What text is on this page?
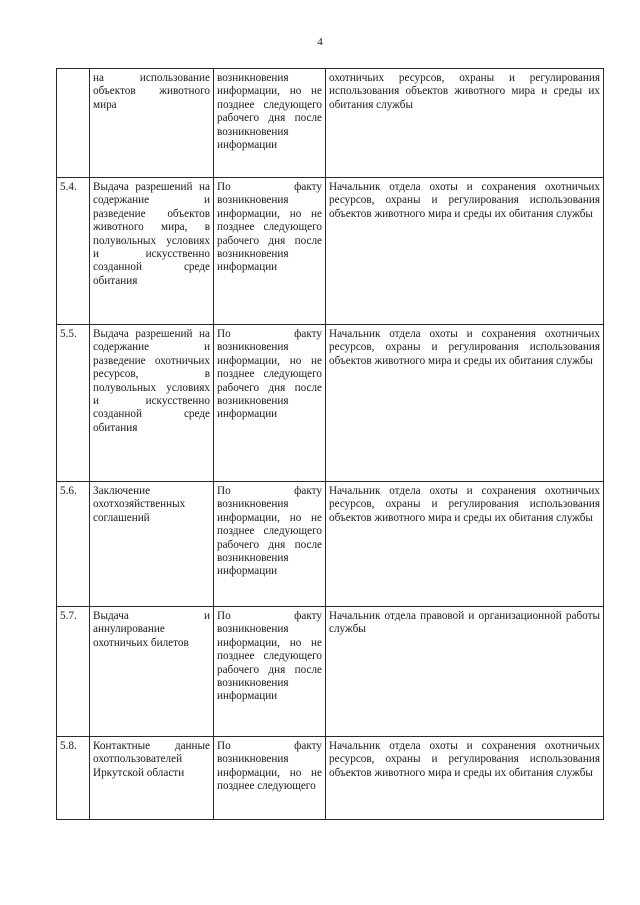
4

	на использование объектов животного мира	возникновения информации, но не позднее следующего рабочего дня после возникновения информации	охотничьих ресурсов, охраны и регулирования использования объектов животного мира и среды их обитания службы

5.4.	Выдача разрешений на содержание и разведение объектов животного мира, в полувольных условиях и искусственно созданной среде обитания	По факту возникновения информации, но не позднее следующего рабочего дня после возникновения информации	Начальник отдела охоты и сохранения охотничьих ресурсов, охраны и регулирования использования объектов животного мира и среды их обитания службы

5.5.	Выдача разрешений на содержание и разведение охотничьих ресурсов, в полувольных условиях и искусственно созданной среде обитания	По факту возникновения информации, но не позднее следующего рабочего дня после возникновения информации	Начальник отдела охоты и сохранения охотничьих ресурсов, охраны и регулирования использования объектов животного мира и среды их обитания службы

5.6.	Заключение охотхозяйственных соглашений	По факту возникновения информации, но не позднее следующего рабочего дня после возникновения информации	Начальник отдела охоты и сохранения охотничьих ресурсов, охраны и регулирования использования объектов животного мира и среды их обитания службы

5.7.	Выдача и аннулирование охотничьих билетов	По факту возникновения информации, но не позднее следующего рабочего дня после возникновения информации	Начальник отдела правовой и организационной работы службы

5.8.	Контактные данные охотпользователей Иркутской области	По факту возникновения информации, но не позднее следующего	Начальник отдела охоты и сохранения охотничьих ресурсов, охраны и регулирования использования объектов животного мира и среды их обитания службы
